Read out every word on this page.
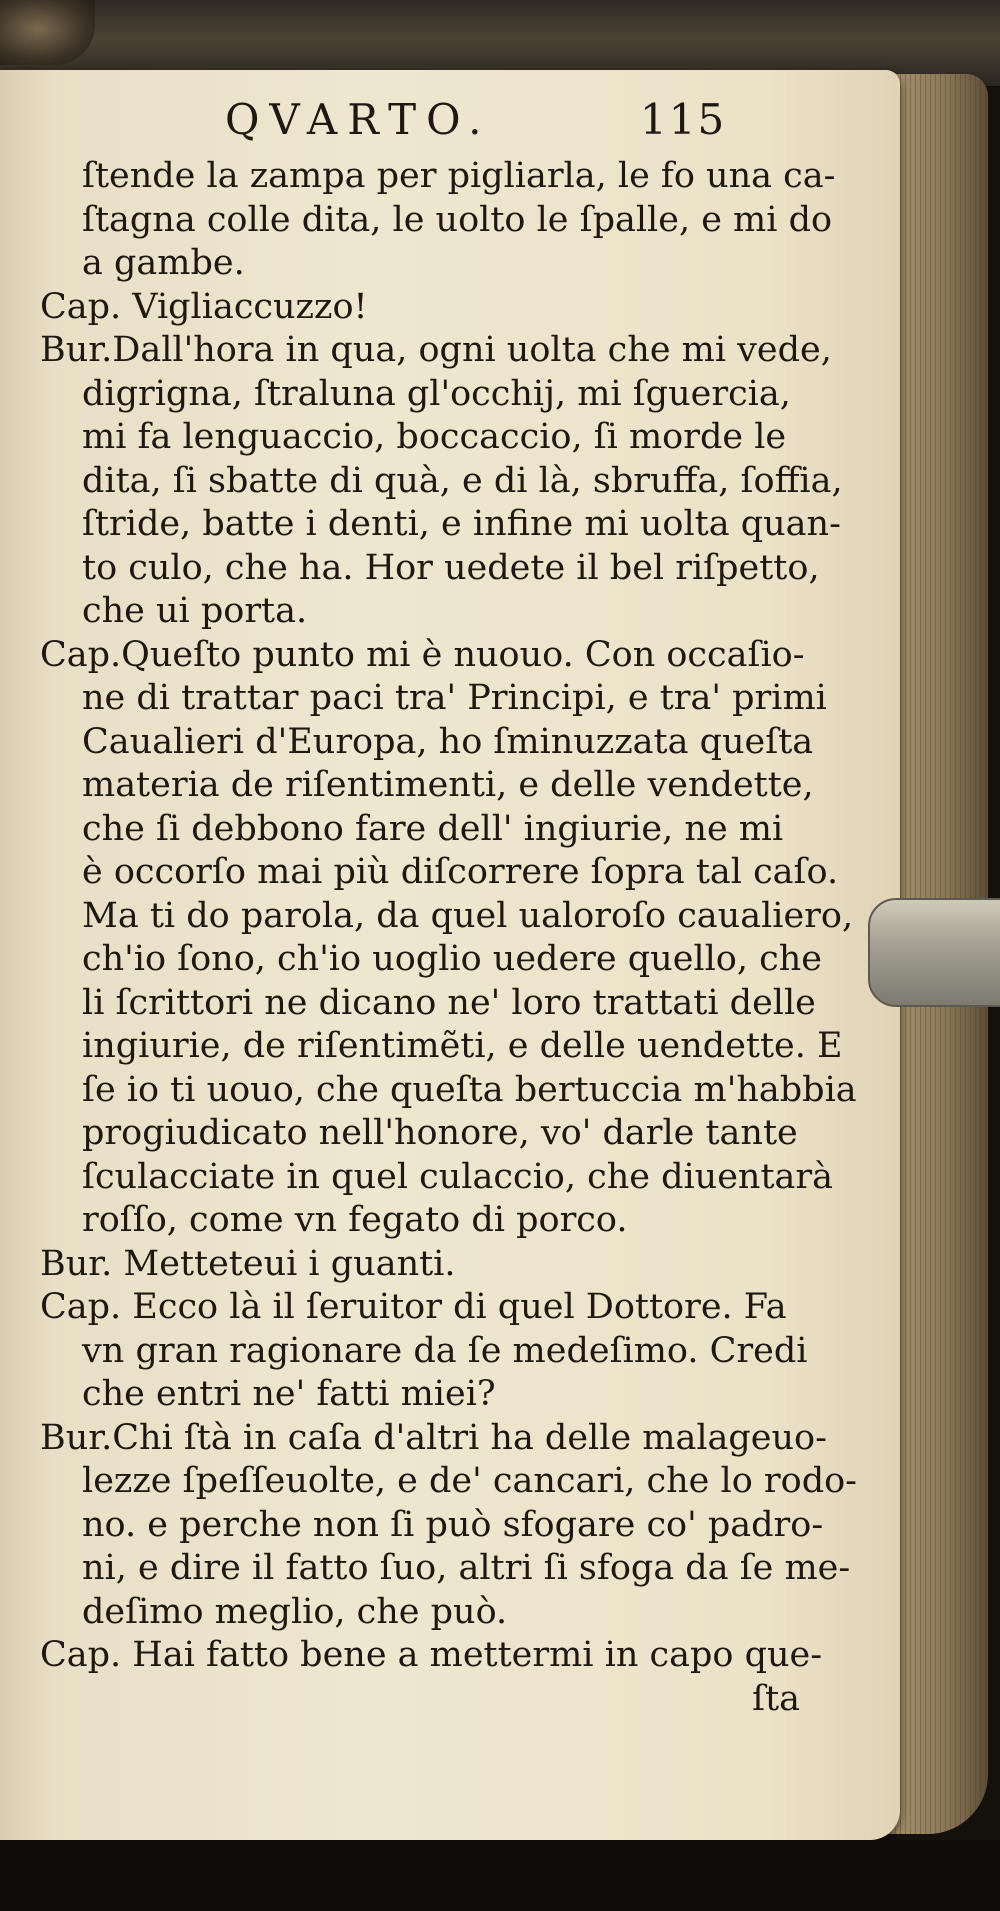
QVARTO.	115
ſtende la zampa per pigliarla, le fo una ca-
ſtagna colle dita, le uolto le ſpalle, e mi do
a gambe.
Cap. Vigliaccuzzo!
Bur.Dall'hora in qua, ogni uolta che mi vede,
digrigna, ſtraluna gl'occhij, mi ſguercia,
mi fa lenguaccio, boccaccio, ſi morde le
dita, ſi sbatte di quà, e di là, sbruffa, ſoffia,
ſtride, batte i denti, e infine mi uolta quan-
to culo, che ha. Hor uedete il bel riſpetto,
che ui porta.
Cap.Queſto punto mi è nuouo. Con occaſio-
ne di trattar paci tra' Principi, e tra' primi
Caualieri d'Europa, ho ſminuzzata queſta
materia de riſentimenti, e delle vendette,
che ſi debbono fare dell' ingiurie, ne mi
è occorſo mai più diſcorrere ſopra tal caſo.
Ma ti do parola, da quel ualoroſo caualiero,
ch'io ſono, ch'io uoglio uedere quello, che
li ſcrittori ne dicano ne' loro trattati delle
ingiurie, de riſentimẽti, e delle uendette. E
ſe io ti uouo, che queſta bertuccia m'habbia
progiudicato nell'honore, vo' darle tante
ſculacciate in quel culaccio, che diuentarà
roſſo, come vn fegato di porco.
Bur. Metteteui i guanti.
Cap. Ecco là il ſeruitor di quel Dottore. Fa
vn gran ragionare da ſe medeſimo. Credi
che entri ne' fatti miei?
Bur.Chi ſtà in caſa d'altri ha delle malageuo-
lezze ſpeſſeuolte, e de' cancari, che lo rodo-
no. e perche non ſi può sfogare co' padro-
ni, e dire il fatto ſuo, altri ſi sfoga da ſe me-
deſimo meglio, che può.
Cap. Hai fatto bene a mettermi in capo que-
ſta
